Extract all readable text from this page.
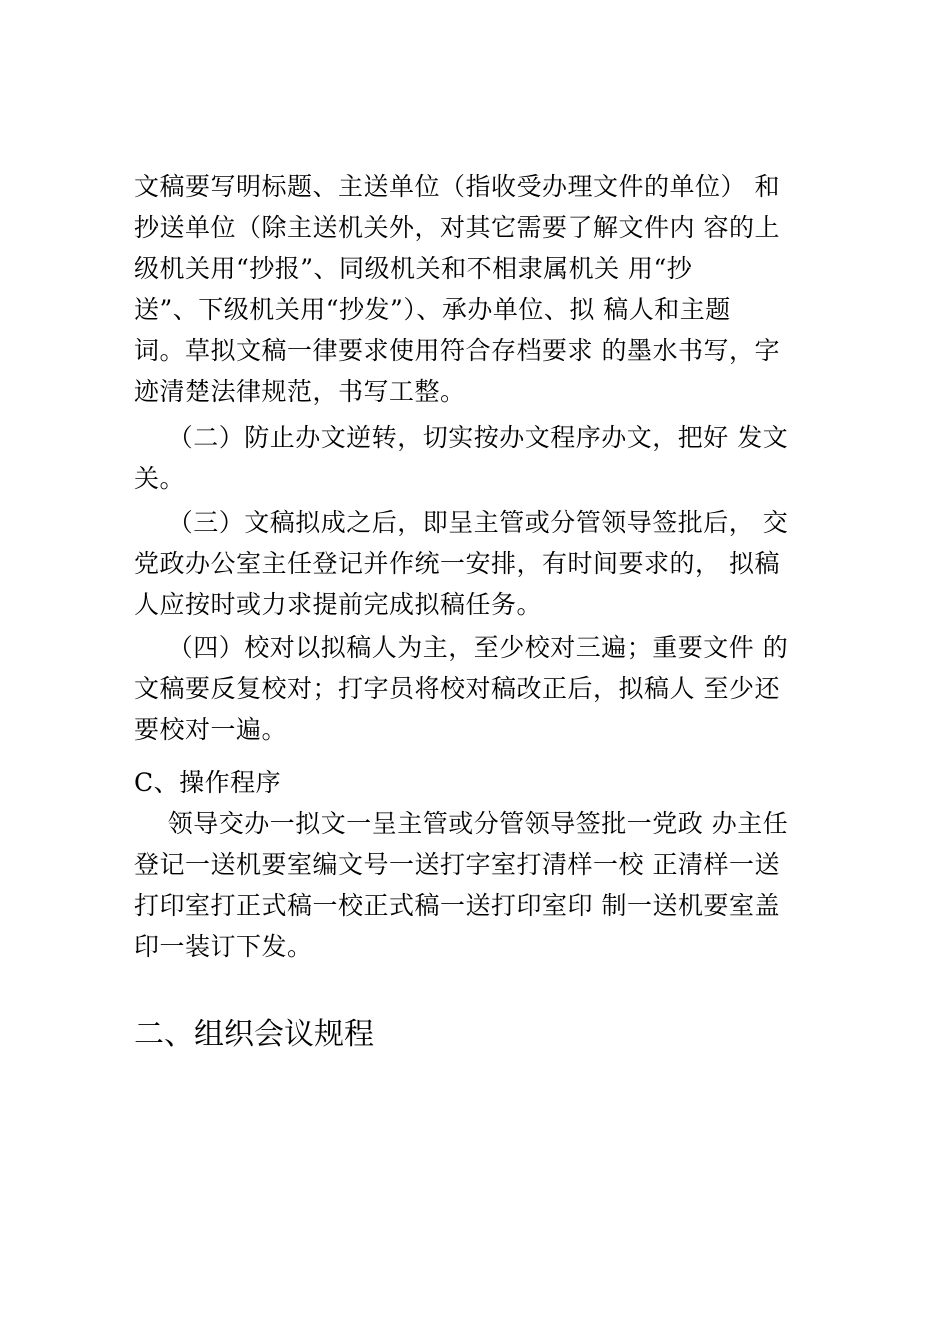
文稿要写明标题、主送单位（指收受办理文件的单位） 和
抄送单位（除主送机关外，对其它需要了解文件内 容的上
级机关用“抄报”、同级机关和不相隶属机关 用“抄
送”、下级机关用“抄发”）、承办单位、拟 稿人和主题
词。草拟文稿一律要求使用符合存档要求 的墨水书写，字
迹清楚法律规范，书写工整。
（二）防止办文逆转，切实按办文程序办文，把好 发文
关。
（三）文稿拟成之后，即呈主管或分管领导签批后， 交
党政办公室主任登记并作统一安排，有时间要求的， 拟稿
人应按时或力求提前完成拟稿任务。
（四）校对以拟稿人为主，至少校对三遍；重要文件 的
文稿要反复校对；打字员将校对稿改正后，拟稿人 至少还
要校对一遍。
C、操作程序
领导交办一拟文一呈主管或分管领导签批一党政 办主任
登记一送机要室编文号一送打字室打清样一校 正清样一送
打印室打正式稿一校正式稿一送打印室印 制一送机要室盖
印一装订下发。
二、组织会议规程
